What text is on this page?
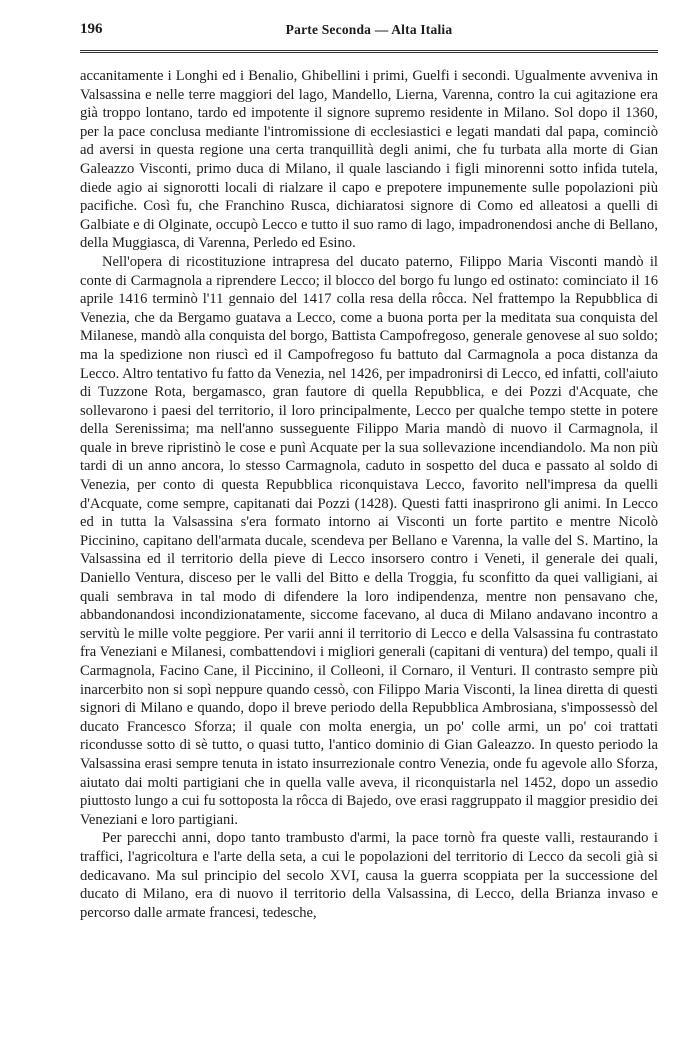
196	Parte Seconda — Alta Italia

accanitamente i Longhi ed i Benalio, Ghibellini i primi, Guelfi i secondi. Ugualmente avveniva in Valsassina e nelle terre maggiori del lago, Mandello, Lierna, Varenna, contro la cui agitazione era già troppo lontano, tardo ed impotente il signore supremo residente in Milano. Sol dopo il 1360, per la pace conclusa mediante l'intromissione di ecclesiastici e legati mandati dal papa, cominciò ad aversi in questa regione una certa tranquillità degli animi, che fu turbata alla morte di Gian Galeazzo Visconti, primo duca di Milano, il quale lasciando i figli minorenni sotto infida tutela, diede agio ai signorotti locali di rialzare il capo e prepotere impunemente sulle popolazioni più pacifiche. Così fu, che Franchino Rusca, dichiaratosi signore di Como ed alleatosi a quelli di Galbiate e di Olginate, occupò Lecco e tutto il suo ramo di lago, impadronendosi anche di Bellano, della Muggiasca, di Varenna, Perledo ed Esino.

Nell'opera di ricostituzione intrapresa del ducato paterno, Filippo Maria Visconti mandò il conte di Carmagnola a riprendere Lecco; il blocco del borgo fu lungo ed ostinato: cominciato il 16 aprile 1416 terminò l'11 gennaio del 1417 colla resa della rôcca. Nel frattempo la Repubblica di Venezia, che da Bergamo guatava a Lecco, come a buona porta per la meditata sua conquista del Milanese, mandò alla conquista del borgo, Battista Campofregoso, generale genovese al suo soldo; ma la spedizione non riuscì ed il Campofregoso fu battuto dal Carmagnola a poca distanza da Lecco. Altro tentativo fu fatto da Venezia, nel 1426, per impadronirsi di Lecco, ed infatti, coll'aiuto di Tuzzone Rota, bergamasco, gran fautore di quella Repubblica, e dei Pozzi d'Acquate, che sollevarono i paesi del territorio, il loro principalmente, Lecco per qualche tempo stette in potere della Serenissima; ma nell'anno susseguente Filippo Maria mandò di nuovo il Carmagnola, il quale in breve ripristinò le cose e punì Acquate per la sua sollevazione incendiandolo. Ma non più tardi di un anno ancora, lo stesso Carmagnola, caduto in sospetto del duca e passato al soldo di Venezia, per conto di questa Repubblica riconquistava Lecco, favorito nell'impresa da quelli d'Acquate, come sempre, capitanati dai Pozzi (1428). Questi fatti inasprirono gli animi. In Lecco ed in tutta la Valsassina s'era formato intorno ai Visconti un forte partito e mentre Nicolò Piccinino, capitano dell'armata ducale, scendeva per Bellano e Varenna, la valle del S. Martino, la Valsassina ed il territorio della pieve di Lecco insorsero contro i Veneti, il generale dei quali, Daniello Ventura, disceso per le valli del Bitto e della Troggia, fu sconfitto da quei valligiani, ai quali sembrava in tal modo di difendere la loro indipendenza, mentre non pensavano che, abbandonandosi incondizionatamente, siccome facevano, al duca di Milano andavano incontro a servitù le mille volte peggiore. Per varii anni il territorio di Lecco e della Valsassina fu contrastato fra Veneziani e Milanesi, combattendovi i migliori generali (capitani di ventura) del tempo, quali il Carmagnola, Facino Cane, il Piccinino, il Colleoni, il Cornaro, il Venturi. Il contrasto sempre più inarcerbito non si sopì neppure quando cessò, con Filippo Maria Visconti, la linea diretta di questi signori di Milano e quando, dopo il breve periodo della Repubblica Ambrosiana, s'impossessò del ducato Francesco Sforza; il quale con molta energia, un po' colle armi, un po' coi trattati ricondusse sotto di sè tutto, o quasi tutto, l'antico dominio di Gian Galeazzo. In questo periodo la Valsassina erasi sempre tenuta in istato insurrezionale contro Venezia, onde fu agevole allo Sforza, aiutato dai molti partigiani che in quella valle aveva, il riconquistarla nel 1452, dopo un assedio piuttosto lungo a cui fu sottoposta la rôcca di Bajedo, ove erasi raggruppato il maggior presidio dei Veneziani e loro partigiani.

Per parecchi anni, dopo tanto trambusto d'armi, la pace tornò fra queste valli, restaurando i traffici, l'agricoltura e l'arte della seta, a cui le popolazioni del territorio di Lecco da secoli già si dedicavano. Ma sul principio del secolo XVI, causa la guerra scoppiata per la successione del ducato di Milano, era di nuovo il territorio della Valsassina, di Lecco, della Brianza invaso e percorso dalle armate francesi, tedesche,
